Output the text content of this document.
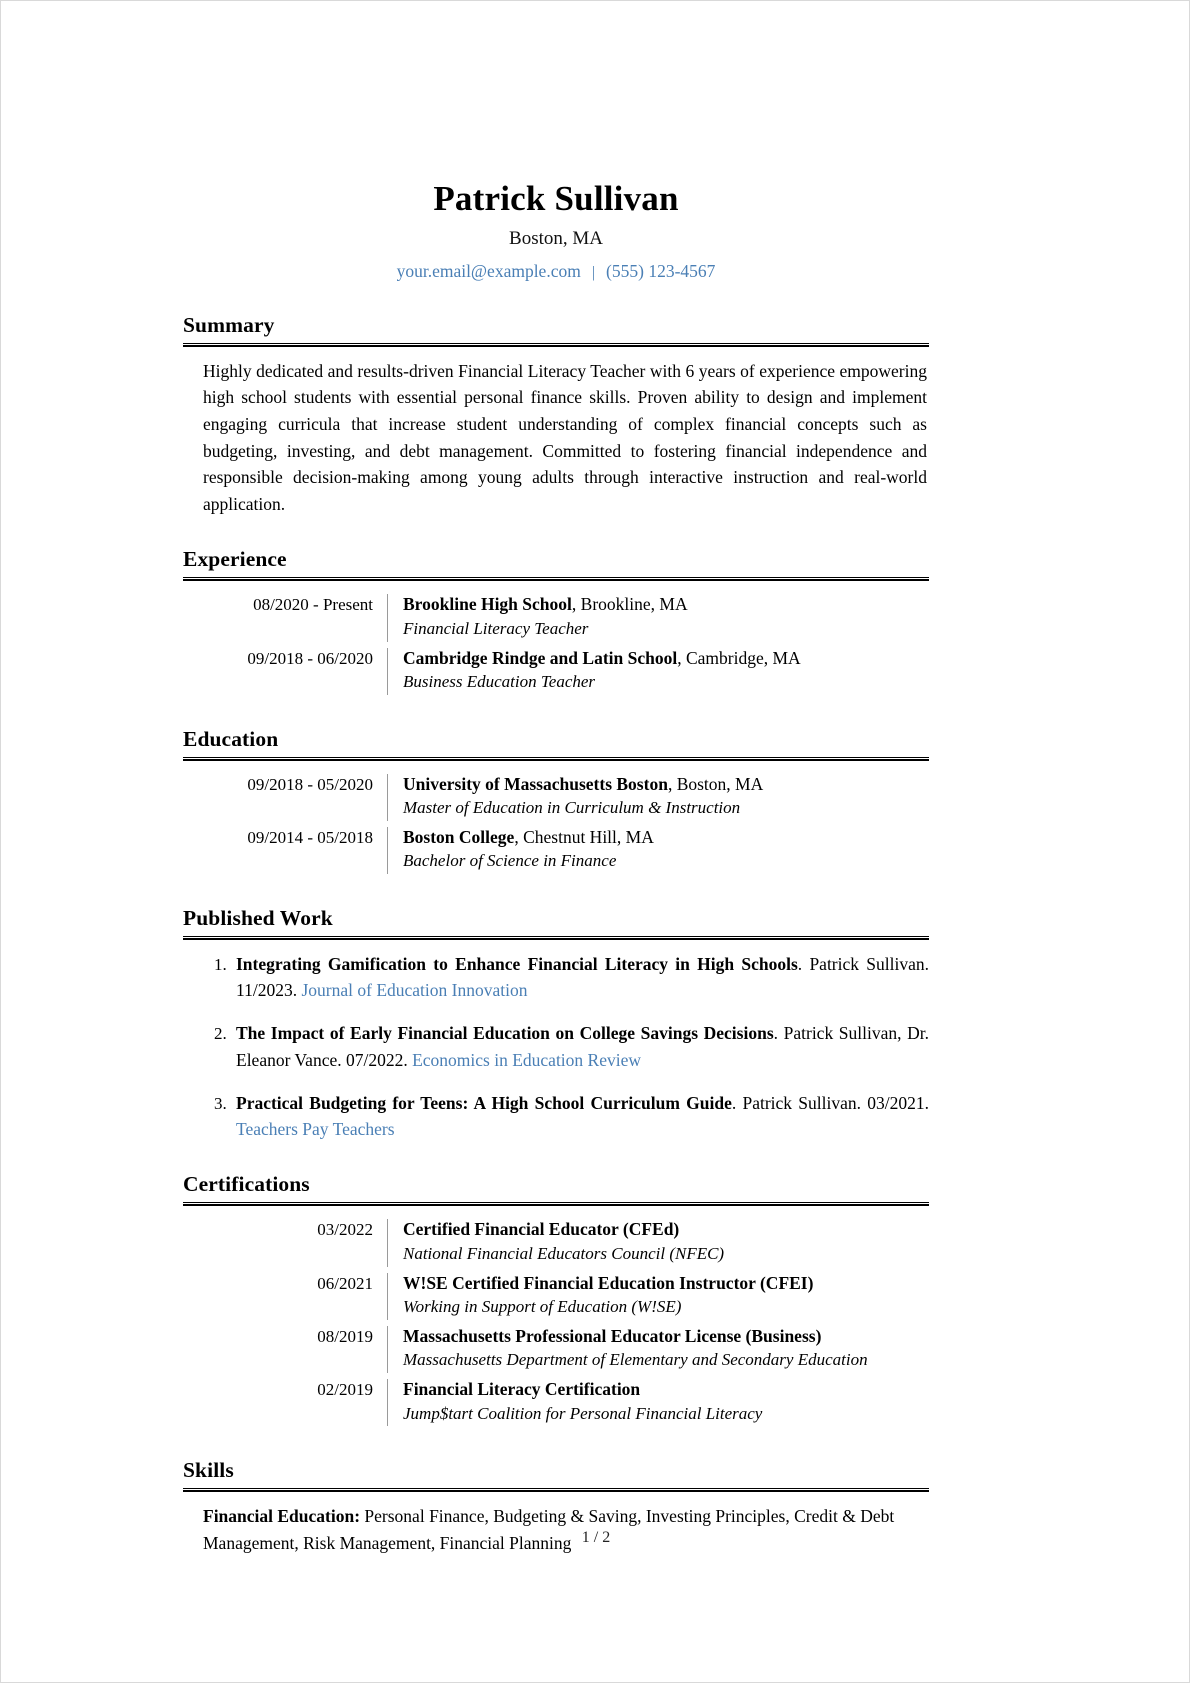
Patrick Sullivan
Boston, MA
your.email@example.com | (555) 123-4567
Summary
Highly dedicated and results-driven Financial Literacy Teacher with 6 years of experience empowering high school students with essential personal finance skills. Proven ability to design and implement engaging curricula that increase student understanding of complex financial concepts such as budgeting, investing, and debt management. Committed to fostering financial independence and responsible decision-making among young adults through interactive instruction and real-world application.
Experience
08/2020 - Present Brookline High School, Brookline, MA
Financial Literacy Teacher
09/2018 - 06/2020 Cambridge Rindge and Latin School, Cambridge, MA
Business Education Teacher
Education
09/2018 - 05/2020 University of Massachusetts Boston, Boston, MA
Master of Education in Curriculum & Instruction
09/2014 - 05/2018 Boston College, Chestnut Hill, MA
Bachelor of Science in Finance
Published Work
1. Integrating Gamification to Enhance Financial Literacy in High Schools. Patrick Sullivan. 11/2023. Journal of Education Innovation
2. The Impact of Early Financial Education on College Savings Decisions. Patrick Sullivan, Dr. Eleanor Vance. 07/2022. Economics in Education Review
3. Practical Budgeting for Teens: A High School Curriculum Guide. Patrick Sullivan. 03/2021. Teachers Pay Teachers
Certifications
03/2022 Certified Financial Educator (CFEd)
National Financial Educators Council (NFEC)
06/2021 W!SE Certified Financial Education Instructor (CFEI)
Working in Support of Education (W!SE)
08/2019 Massachusetts Professional Educator License (Business)
Massachusetts Department of Elementary and Secondary Education
02/2019 Financial Literacy Certification
Jump$tart Coalition for Personal Financial Literacy
Skills
Financial Education: Personal Finance, Budgeting & Saving, Investing Principles, Credit & Debt Management, Risk Management, Financial Planning 1 / 2
